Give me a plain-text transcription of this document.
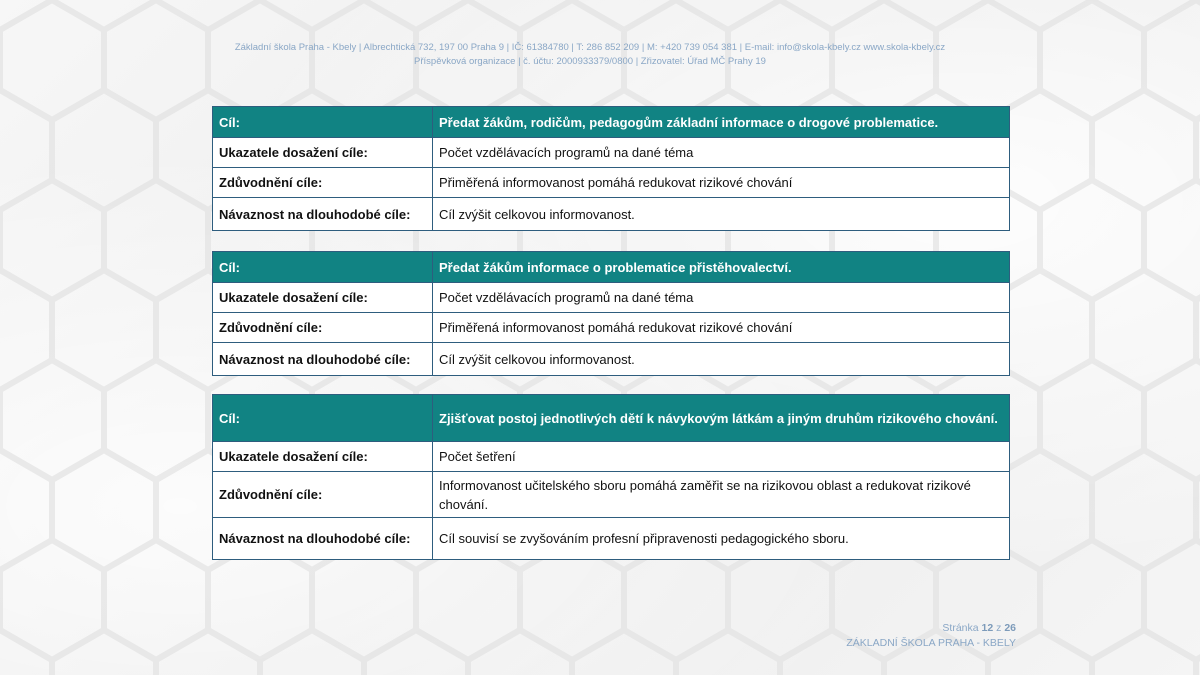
Základní škola Praha - Kbely | Albrechtická 732, 197 00 Praha 9 | IČ: 61384780 | T: 286 852 209 | M: +420 739 054 381 | E-mail: info@skola-kbely.cz www.skola-kbely.cz
Příspěvková organizace | č. účtu: 2000933379/0800 | Zřizovatel: Úřad MČ Prahy 19
Cíl:	Předat žákům, rodičům, pedagogům základní informace o drogové problematice.
Ukazatele dosažení cíle:	Počet vzdělávacích programů na dané téma
Zdůvodnění cíle:	Přiměřená informovanost pomáhá redukovat rizikové chování
Návaznost na dlouhodobé cíle:	Cíl zvýšit celkovou informovanost.
Cíl:	Předat žákům informace o problematice přistěhovalectví.
Ukazatele dosažení cíle:	Počet vzdělávacích programů na dané téma
Zdůvodnění cíle:	Přiměřená informovanost pomáhá redukovat rizikové chování
Návaznost na dlouhodobé cíle:	Cíl zvýšit celkovou informovanost.
Cíl:	Zjišťovat postoj jednotlivých dětí k návykovým látkám a jiným druhům rizikového chování.
Ukazatele dosažení cíle:	Počet šetření
Zdůvodnění cíle:	Informovanost učitelského sboru pomáhá zaměřit se na rizikovou oblast a redukovat rizikové chování.
Návaznost na dlouhodobé cíle:	Cíl souvisí se zvyšováním profesní připravenosti pedagogického sboru.
Stránka 12 z 26
ZÁKLADNÍ ŠKOLA PRAHA - KBELY
